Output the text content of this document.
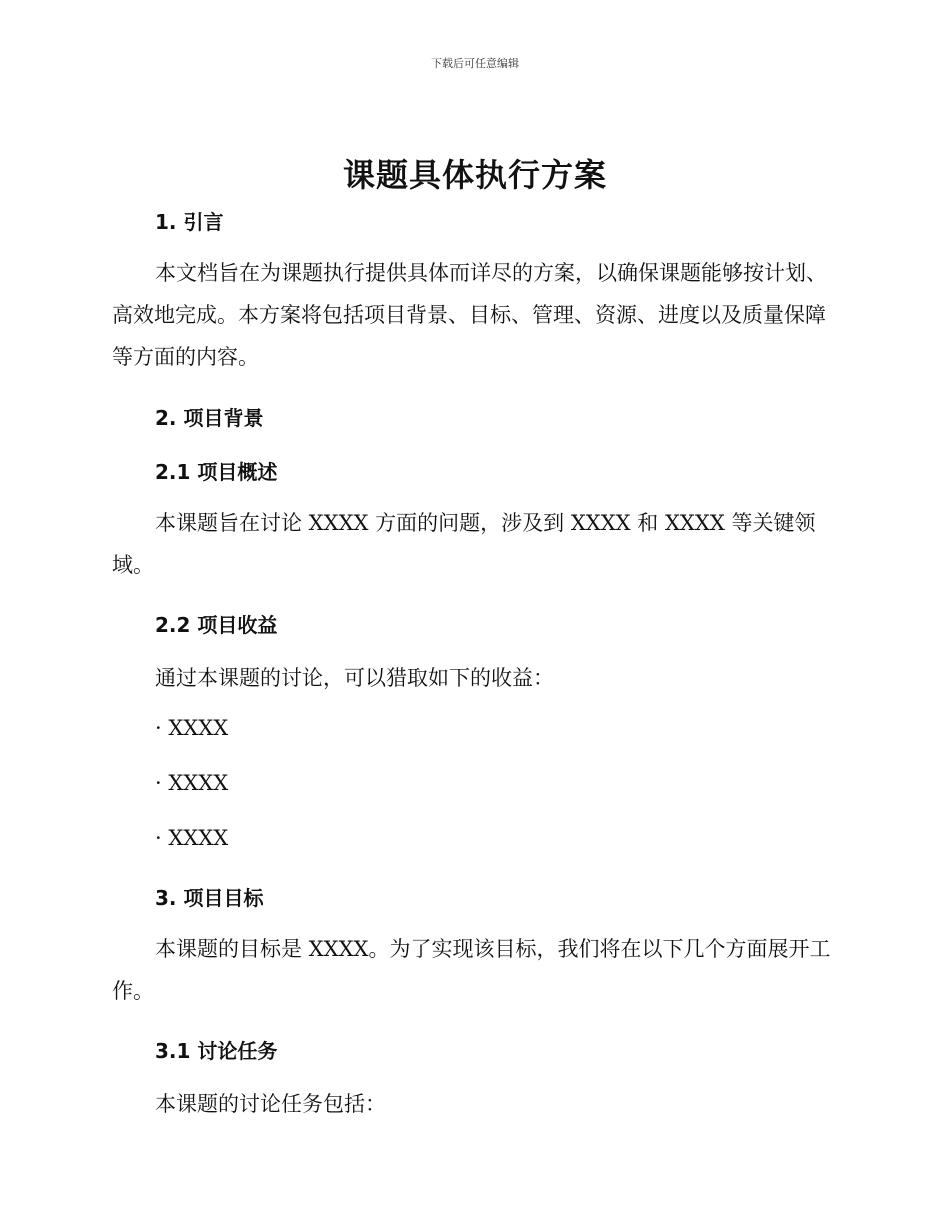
下载后可任意编辑
课题具体执行方案
1. 引言
本文档旨在为课题执行提供具体而详尽的方案，以确保课题能够按计划、高效地完成。本方案将包括项目背景、目标、管理、资源、进度以及质量保障等方面的内容。
2. 项目背景
2.1 项目概述
本课题旨在讨论 XXXX 方面的问题，涉及到 XXXX 和 XXXX 等关键领域。
2.2 项目收益
通过本课题的讨论，可以猎取如下的收益：
· XXXX
· XXXX
· XXXX
3. 项目目标
本课题的目标是 XXXX。为了实现该目标，我们将在以下几个方面展开工作。
3.1 讨论任务
本课题的讨论任务包括：
